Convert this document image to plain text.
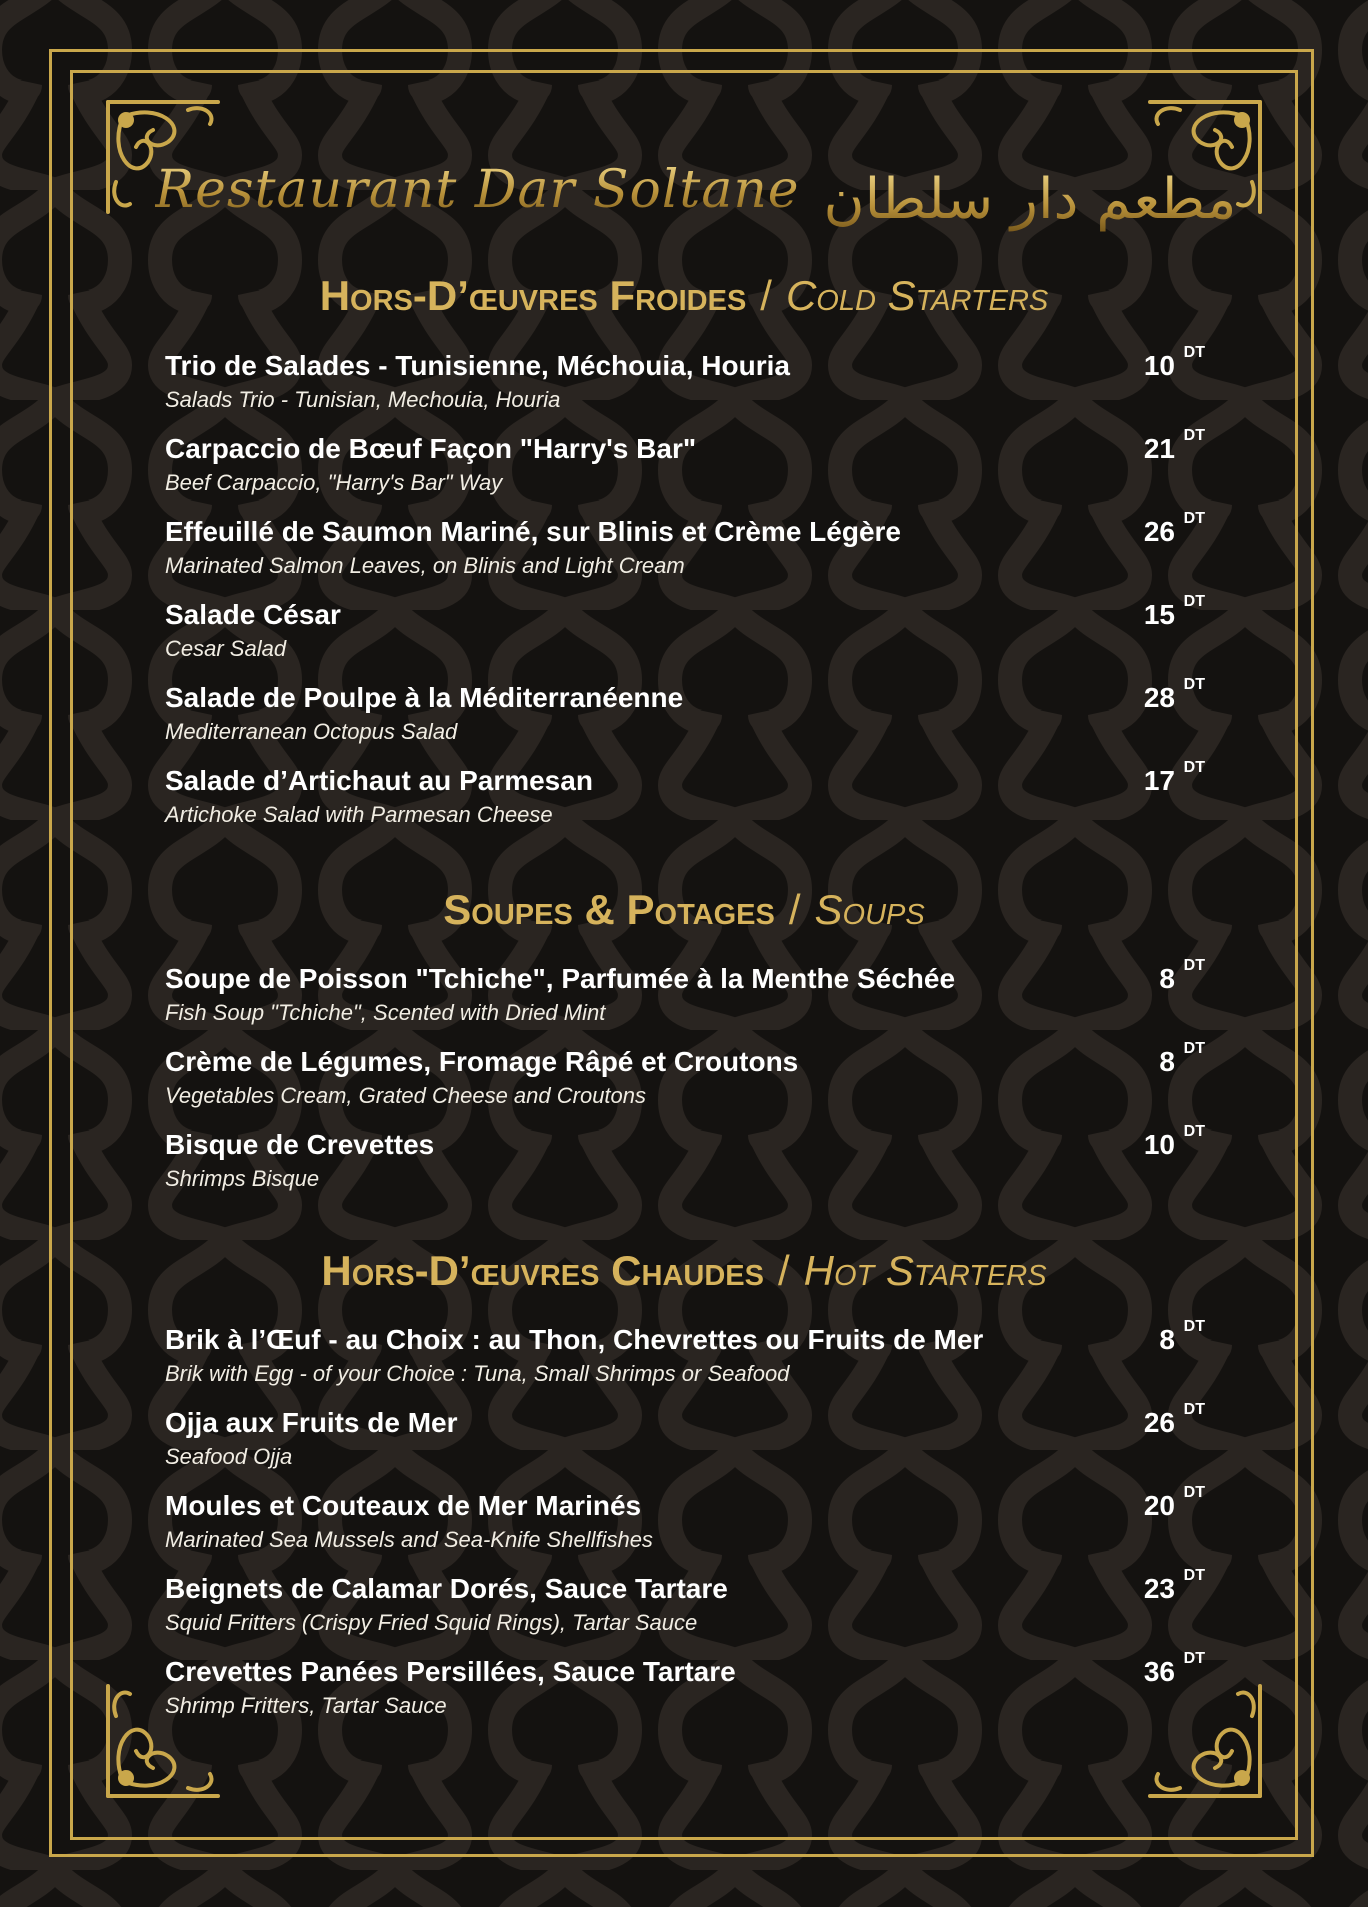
Restaurant Dar Soltane مطعم دار سلطان
Hors-D’œuvres Froides / Cold Starters
Trio de Salades - Tunisienne, Méchouia, Houria
Salads Trio - Tunisian, Mechouia, Houria
10 DT
Carpaccio de Bœuf Façon "Harry's Bar"
Beef Carpaccio, "Harry's Bar" Way
21 DT
Effeuillé de Saumon Mariné, sur Blinis et Crème Légère
Marinated Salmon Leaves, on Blinis and Light Cream
26 DT
Salade César
Cesar Salad
15 DT
Salade de Poulpe à la Méditerranéenne
Mediterranean Octopus Salad
28 DT
Salade d’Artichaut au Parmesan
Artichoke Salad with Parmesan Cheese
17 DT
Soupes & Potages / Soups
Soupe de Poisson "Tchiche", Parfumée à la Menthe Séchée
Fish Soup "Tchiche", Scented with Dried Mint
8 DT
Crème de Légumes, Fromage Râpé et Croutons
Vegetables Cream, Grated Cheese and Croutons
8 DT
Bisque de Crevettes
Shrimps Bisque
10 DT
Hors-D’œuvres Chaudes / Hot Starters
Brik à l’Œuf - au Choix : au Thon, Chevrettes ou Fruits de Mer
Brik with Egg - of your Choice : Tuna, Small Shrimps or Seafood
8 DT
Ojja aux Fruits de Mer
Seafood Ojja
26 DT
Moules et Couteaux de Mer Marinés
Marinated Sea Mussels and Sea-Knife Shellfishes
20 DT
Beignets de Calamar Dorés, Sauce Tartare
Squid Fritters (Crispy Fried Squid Rings), Tartar Sauce
23 DT
Crevettes Panées Persillées, Sauce Tartare
Shrimp Fritters, Tartar Sauce
36 DT
